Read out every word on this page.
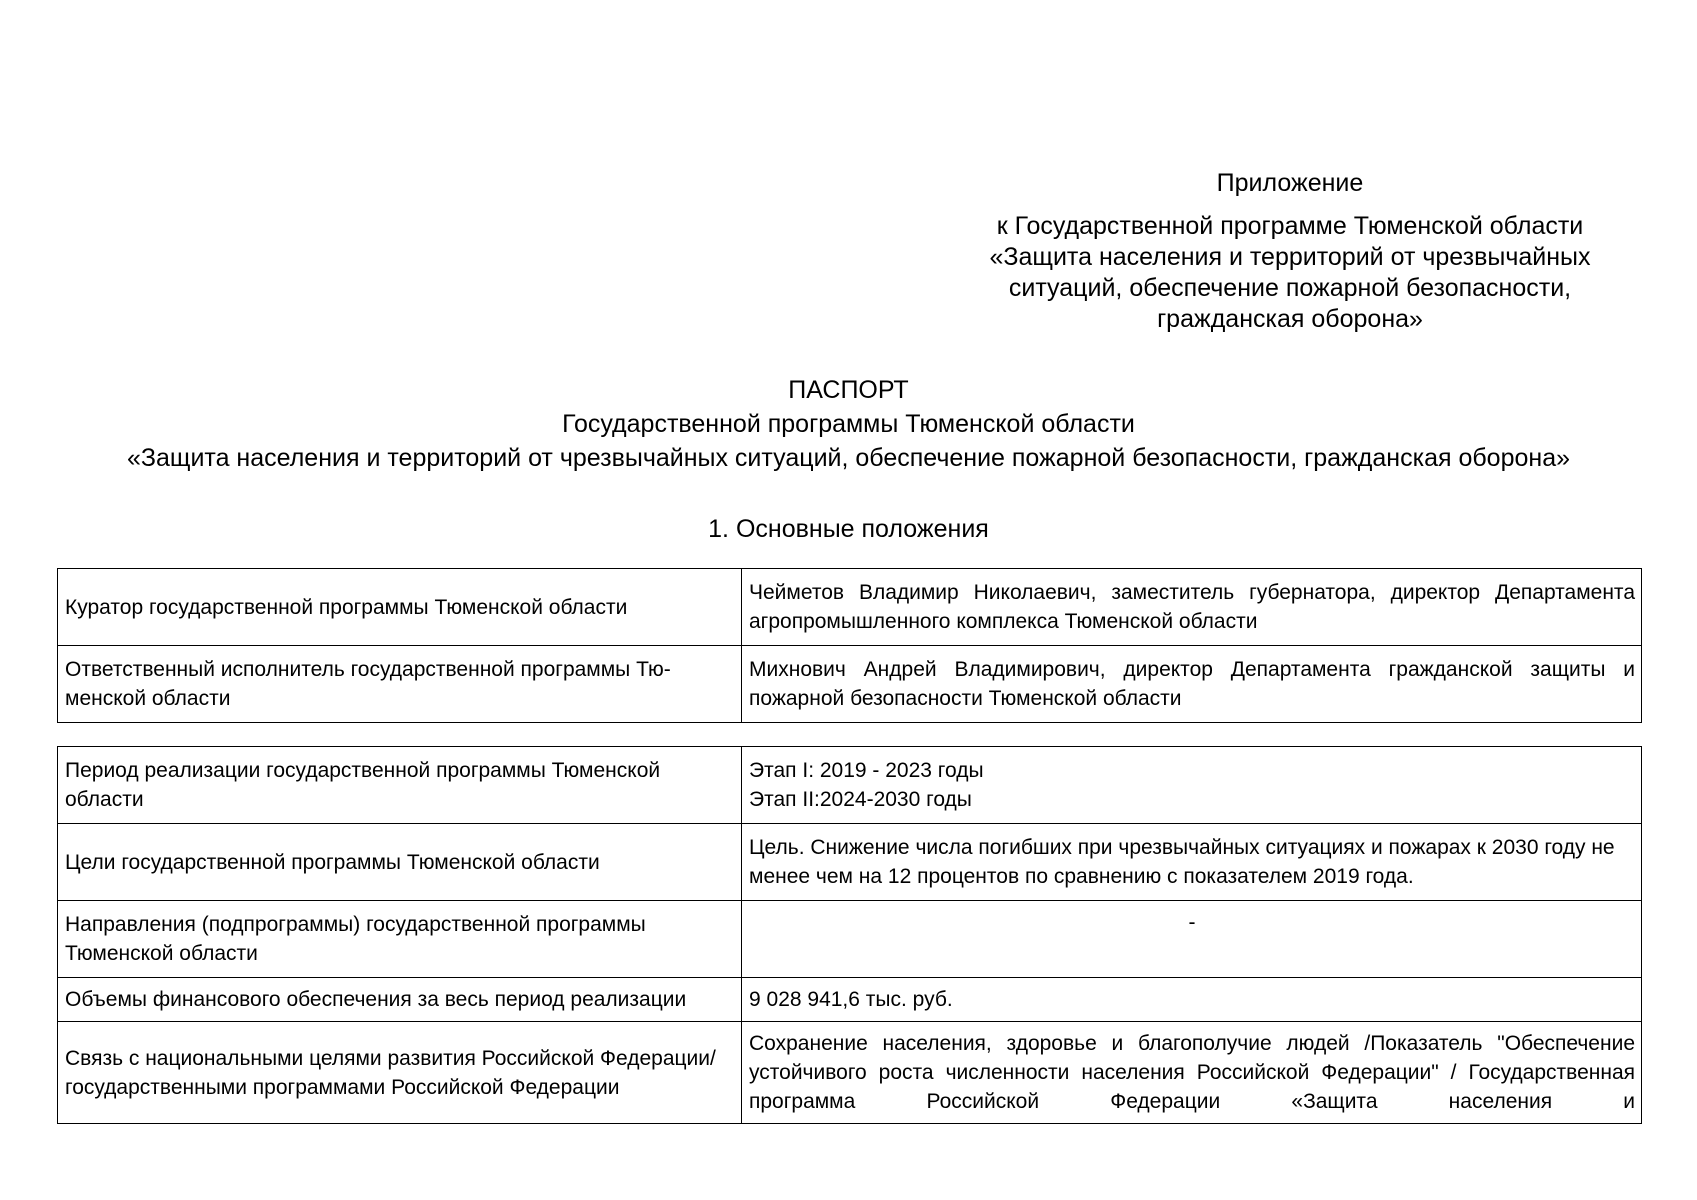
Приложение
к Государственной программе Тюменской области
«Защита населения и территорий от чрезвычайных
ситуаций, обеспечение пожарной безопасности,
гражданская оборона»
ПАСПОРТ
Государственной программы Тюменской области
«Защита населения и территорий от чрезвычайных ситуаций, обеспечение пожарной безопасности, гражданская оборона»
1. Основные положения
Куратор государственной программы Тюменской области	Чейметов Владимир Николаевич, заместитель губернатора, директор Департамента агропромышленного комплекса Тюменской области
Ответственный исполнитель государственной программы Тю-менской области	Михнович Андрей Владимирович, директор Департамента гражданской защиты и пожарной безопасности Тюменской области
Период реализации государственной программы Тюменской области	Этап I: 2019 - 2023 годы
Этап II:2024-2030 годы

Цели государственной программы Тюменской области	Цель. Снижение числа погибших при чрезвычайных ситуациях и пожарах к 2030 году не менее чем на 12 процентов по сравнению с показателем 2019 года.
Направления (подпрограммы) государственной программы Тюменской области	-
Объемы финансового обеспечения за весь период реализации	9 028 941,6 тыс. руб.
Связь с национальными целями развития Российской Федерации/ государственными программами Российской Федерации	Сохранение населения, здоровье и благополучие людей /Показатель "Обеспечение устойчивого роста численности населения Российской Федерации" / Государственная программа Российской Федерации «Защита населения и
